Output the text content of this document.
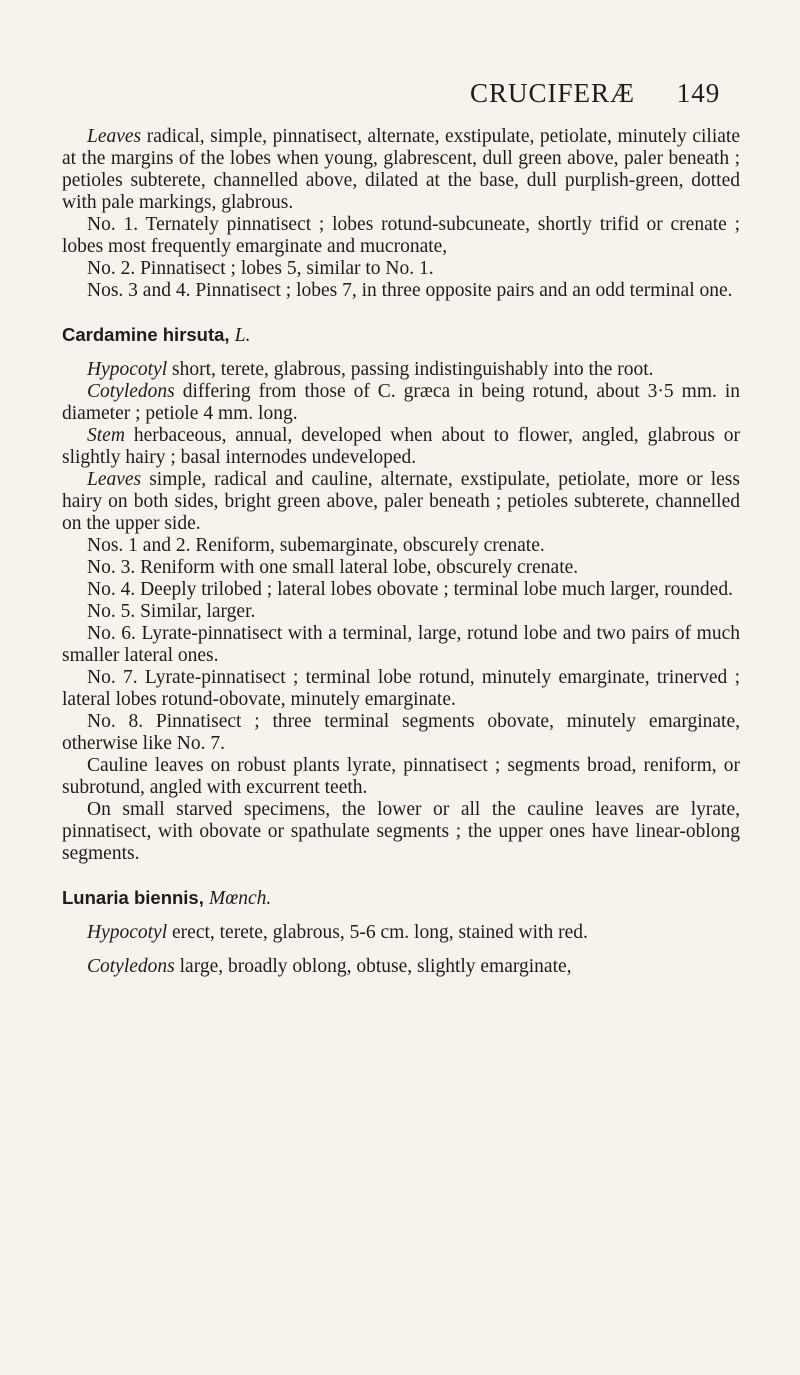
CRUCIFERÆ 149

Leaves radical, simple, pinnatisect, alternate, exstipulate, petiolate, minutely ciliate at the margins of the lobes when young, glabrescent, dull green above, paler beneath ; petioles subterete, channelled above, dilated at the base, dull purplish-green, dotted with pale markings, glabrous.

No. 1. Ternately pinnatisect ; lobes rotund-subcuneate, shortly trifid or crenate ; lobes most frequently emarginate and mucronate,

No. 2. Pinnatisect ; lobes 5, similar to No. 1.

Nos. 3 and 4. Pinnatisect ; lobes 7, in three opposite pairs and an odd terminal one.

Cardamine hirsuta, L.

Hypocotyl short, terete, glabrous, passing indistinguishably into the root.

Cotyledons differing from those of C. græca in being rotund, about 3·5 mm. in diameter ; petiole 4 mm. long.

Stem herbaceous, annual, developed when about to flower, angled, glabrous or slightly hairy ; basal internodes undeveloped.

Leaves simple, radical and cauline, alternate, exstipulate, petiolate, more or less hairy on both sides, bright green above, paler beneath ; petioles subterete, channelled on the upper side.

Nos. 1 and 2. Reniform, subemarginate, obscurely crenate.

No. 3. Reniform with one small lateral lobe, obscurely crenate.

No. 4. Deeply trilobed ; lateral lobes obovate ; terminal lobe much larger, rounded.

No. 5. Similar, larger.

No. 6. Lyrate-pinnatisect with a terminal, large, rotund lobe and two pairs of much smaller lateral ones.

No. 7. Lyrate-pinnatisect ; terminal lobe rotund, minutely emarginate, trinerved ; lateral lobes rotund-obovate, minutely emarginate.

No. 8. Pinnatisect ; three terminal segments obovate, minutely emarginate, otherwise like No. 7.

Cauline leaves on robust plants lyrate, pinnatisect ; segments broad, reniform, or subrotund, angled with excurrent teeth.

On small starved specimens, the lower or all the cauline leaves are lyrate, pinnatisect, with obovate or spathulate segments ; the upper ones have linear-oblong segments.

Lunaria biennis, Mœnch.

Hypocotyl erect, terete, glabrous, 5-6 cm. long, stained with red.

Cotyledons large, broadly oblong, obtuse, slightly emarginate,
